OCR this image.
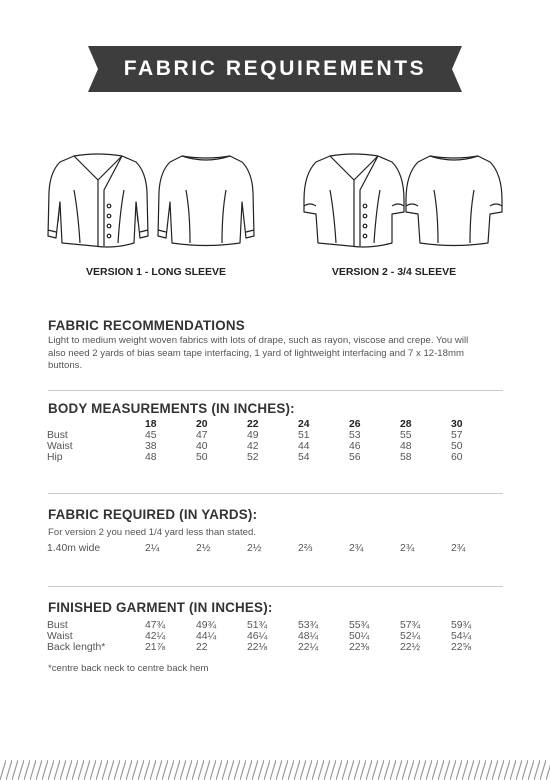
FABRIC REQUIREMENTS
VERSION 1 - LONG SLEEVE	VERSION 2 - 3/4 SLEEVE
FABRIC RECOMMENDATIONS
Light to medium weight woven fabrics with lots of drape, such as rayon, viscose and crepe. You will
also need 2 yards of bias seam tape interfacing, 1 yard of lightweight interfacing and 7 x 12-18mm
buttons.
BODY MEASUREMENTS (IN INCHES):
	18	20	22	24	26	28	30
Bust	45	47	49	51	53	55	57
Waist	38	40	42	44	46	48	50
Hip	48	50	52	54	56	58	60
FABRIC REQUIRED (IN YARDS):
For version 2 you need 1/4 yard less than stated.
1.40m wide	2¼	2½	2½	2⅔	2¾	2¾	2¾
FINISHED GARMENT (IN INCHES):
Bust	47¾	49¾	51¾	53¾	55¾	57¾	59¾
Waist	42¼	44¼	46¼	48¼	50¼	52¼	54¼
Back length*	21⅞	22	22⅛	22¼	22⅜	22½	22⅝
*centre back neck to centre back hem
